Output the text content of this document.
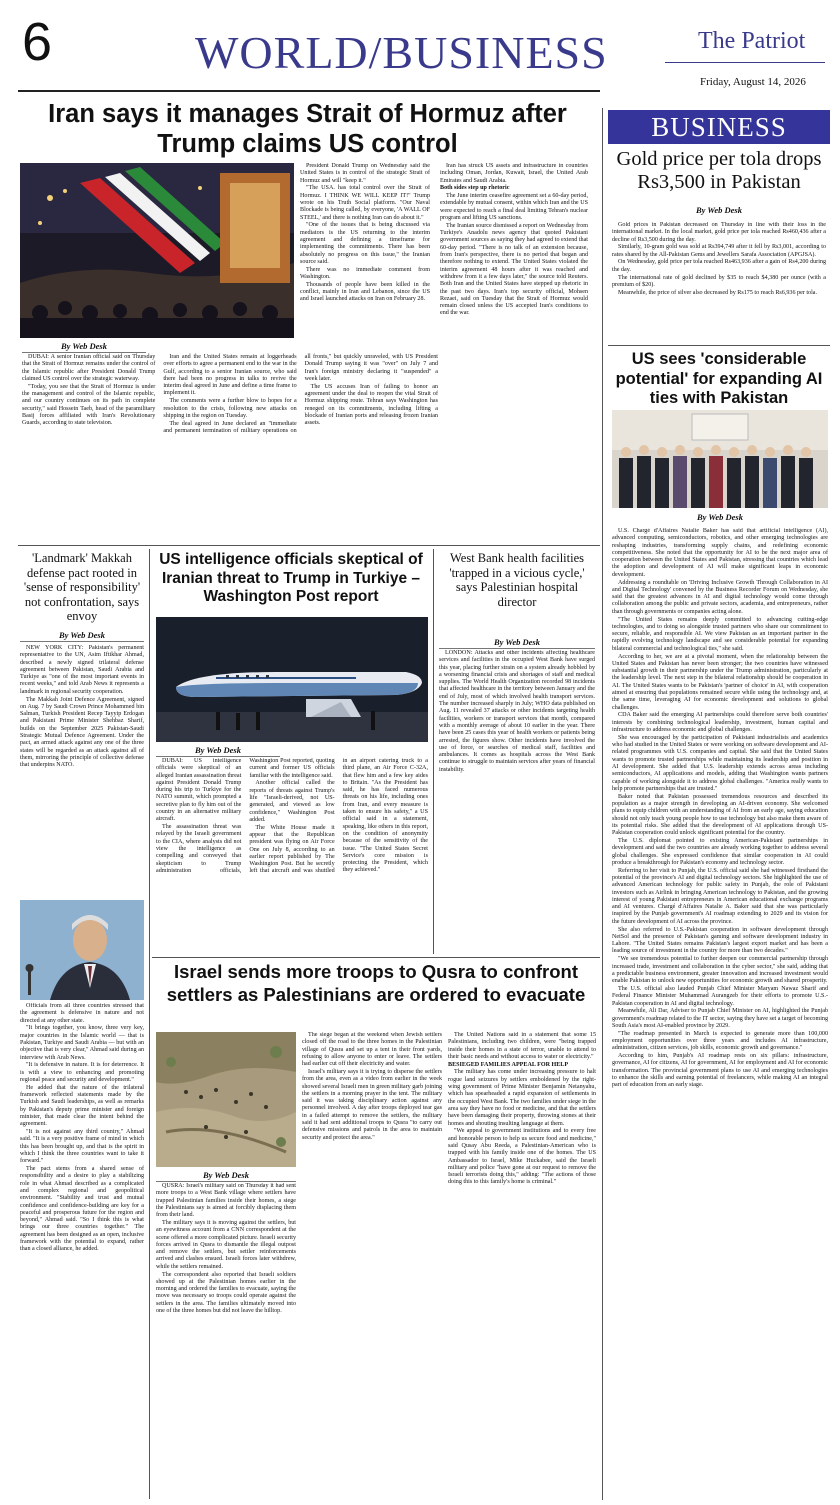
6	WORLD/BUSINESS	The Patriot
Friday, August 14, 2026
Iran says it manages Strait of Hormuz after Trump claims US control
By Web Desk

DUBAI: A senior Iranian official said on Thursday that the Strait of Hormuz remains under the control of the Islamic republic after President Donald Trump claimed US control over the strategic waterway.

"Today, you see that the Strait of Hormuz is under the management and control of the Islamic republic, and our country continues on its path in complete security," said Hossein Taeb, head of the paramilitary Basij forces affiliated with Iran's Revolutionary Guards, according to state television.

Iran and the United States remain at loggerheads over efforts to agree a permanent end to the war in the Gulf, according to a senior Iranian source, who said there had been no progress in talks to revive the interim deal agreed in June and define a time frame to implement it.

The comments were a further blow to hopes for a resolution to the crisis, following new attacks on shipping in the region on Tuesday.

The deal agreed in June declared an "immediate and permanent termination of military operations on all fronts," but quickly unraveled, with US President Donald Trump saying it was "over" on July 7 and Iran's foreign ministry declaring it "suspended" a week later.

The US accuses Iran of failing to honor an agreement under the deal to reopen the vital Strait of Hormuz shipping route. Tehran says Washington has reneged on its commitments, including lifting a blockade of Iranian ports and releasing frozen Iranian assets.

President Donald Trump on Wednesday said the United States is in control of the strategic Strait of Hormuz and will "keep it."

"The USA. has total control over the Strait of Hormuz. I THINK WE WILL KEEP IT!" Trump wrote on his Truth Social platform. "Our Naval Blockade is being called, by everyone, 'A WALL OF STEEL,' and there is nothing Iran can do about it."

"One of the issues that is being discussed via mediators is the US returning to the interim agreement and defining a timeframe for implementing the commitments. There has been absolutely no progress on this issue," the Iranian source said.

There was no immediate comment from Washington.

Thousands of people have been killed in the conflict, mainly in Iran and Lebanon, since the US and Israel launched attacks on Iran on February 28.

Iran has struck US assets and infrastructure in countries including Oman, Jordan, Kuwait, Israel, the United Arab Emirates and Saudi Arabia.

Both sides step up rhetoric

The June interim ceasefire agreement set a 60-day period, extendable by mutual consent, within which Iran and the US were expected to reach a final deal limiting Tehran's nuclear program and lifting US sanctions.

The Iranian source dismissed a report on Wednesday from Turkiye's Anadolu news agency that quoted Pakistani government sources as saying they had agreed to extend that 60-day period. "There is no talk of an extension because, from Iran's perspective, there is no period that began and therefore nothing to extend. The United States violated the interim agreement 48 hours after it was reached and withdrew from it a few days later," the source told Reuters. Both Iran and the United States have stepped up rhetoric in the past two days. Iran's top security official, Mohsen Rezaei, said on Tuesday that the Strait of Hormuz would remain closed unless the US accepted Iran's conditions to end the war.

'Landmark' Makkah defense pact rooted in 'sense of responsibility' not confrontation, says envoy
By Web Desk

NEW YORK CITY: Pakistan's permanent representative to the UN, Asim Iftikhar Ahmad, described a newly signed trilateral defense agreement between Pakistan, Saudi Arabia and Turkiye as "one of the most important events in recent weeks," and told Arab News it represents a landmark in regional security cooperation.

The Makkah Joint Defence Agreement, signed on Aug. 7 by Saudi Crown Prince Mohammed bin Salman, Turkish President Recep Tayyip Erdogan and Pakistani Prime Minister Shehbaz Sharif, builds on the September 2025 Pakistan-Saudi Strategic Mutual Defence Agreement. Under the pact, an armed attack against any one of the three states will be regarded as an attack against all of them, mirroring the principle of collective defense that underpins NATO.

Officials from all three countries stressed that the agreement is defensive in nature and not directed at any other state.

"It brings together, you know, three very key, major countries in the Islamic world — that is Pakistan, Turkiye and Saudi Arabia — but with an objective that is very clear," Ahmad said during an interview with Arab News.

"It is defensive in nature. It is for deterrence. It is with a view to enhancing and promoting regional peace and security and development."

He added that the nature of the trilateral framework reflected statements made by the Turkish and Saudi leaderships, as well as remarks by Pakistan's deputy prime minister and foreign minister, that made clear the intent behind the agreement.

"It is not against any third country," Ahmad said. "It is a very positive frame of mind in which this has been brought up, and that is the spirit in which I think the three countries want to take it forward."

The pact stems from a shared sense of responsibility and a desire to play a stabilizing role in what Ahmad described as a complicated and complex regional and geopolitical environment. "Stability and trust and mutual confidence and confidence-building are key for a peaceful and prosperous future for the region and beyond," Ahmad said. "So I think this is what brings our three countries together." The agreement has been designed as an open, inclusive framework with the potential to expand, rather than a closed alliance, he added.

US intelligence officials skeptical of Iranian threat to Trump in Turkiye – Washington Post report
By Web Desk

DUBAI: US intelligence officials were skeptical of an alleged Iranian assassination threat against President Donald Trump during his trip to Turkiye for the NATO summit, which prompted a secretive plan to fly him out of the country in an alternative military aircraft.

The assassination threat was relayed by the Israeli government to the CIA, where analysts did not view the intelligence as compelling and conveyed that skepticism to Trump administration officials, Washington Post reported, quoting current and former US officials familiar with the intelligence said.

Another official called the reports of threats against Trump's life "Israeli-derived, not US-generated, and viewed as low confidence," Washington Post added.

The White House made it appear that the Republican president was flying on Air Force One on July 8, according to an earlier report published by The Washington Post. But he secretly left that aircraft and was shuttled in an airport catering truck to a third plane, an Air Force C-32A, that flew him and a few key aides to Britain. "As the President has said, he has faced numerous threats on his life, including ones from Iran, and every measure is taken to ensure his safety," a US official said in a statement, speaking, like others in this report, on the condition of anonymity because of the sensitivity of the issue. "The United States Secret Service's core mission is protecting the President, which they achieved."

West Bank health facilities 'trapped in a vicious cycle,' says Palestinian hospital director
By Web Desk

LONDON: Attacks and other incidents affecting healthcare services and facilities in the occupied West Bank have surged this year, placing further strain on a system already hobbled by a worsening financial crisis and shortages of staff and medical supplies. The World Health Organization recorded 98 incidents that affected healthcare in the territory between January and the end of July, most of which involved health transport services. The number increased sharply in July; WHO data published on Aug. 11 revealed 37 attacks or other incidents targeting health facilities, workers or transport services that month, compared with a monthly average of about 10 earlier in the year. There have been 25 cases this year of health workers or patients being arrested, the figures show. Other incidents have involved the use of force, or searches of medical staff, facilities and ambulances. It comes as hospitals across the West Bank continue to struggle to maintain services after years of financial instability.

Israel sends more troops to Qusra to confront settlers as Palestinians are ordered to evacuate
By Web Desk

QUSRA: Israel's military said on Thursday it had sent more troops to a West Bank village where settlers have trapped Palestinian families inside their homes, a siege the Palestinians say is aimed at forcibly displacing them from their land.

The military says it is moving against the settlers, but an eyewitness account from a CNN correspondent at the scene offered a more complicated picture. Israeli security forces arrived in Qusra to dismantle the illegal outpost and remove the settlers, but settler reinforcements arrived and clashes ensued. Israeli forces later withdrew, while the settlers remained.

The correspondent also reported that Israeli soldiers showed up at the Palestinian homes earlier in the morning and ordered the families to evacuate, saying the move was necessary so troops could operate against the settlers in the area. The families ultimately moved into one of the three homes but did not leave the hilltop.

The siege began at the weekend when Jewish settlers closed off the road to the three homes in the Palestinian village of Qusra and set up a tent in their front yards, refusing to allow anyone to enter or leave. The settlers had earlier cut off their electricity and water.

Israel's military says it is trying to disperse the settlers from the area, even as a video from earlier in the week showed several Israeli men in green military garb joining the settlers in a morning prayer in the tent. The military said it was taking disciplinary action against any personnel involved. A day after troops deployed tear gas in a failed attempt to remove the settlers, the military said it had sent additional troops to Qusra "to carry out defensive missions and patrols in the area to maintain security and protect the area."

The United Nations said in a statement that some 15 Palestinians, including two children, were "being trapped inside their homes in a state of terror, unable to attend to their basic needs and without access to water or electricity."

BESIEGED FAMILIES APPEAL FOR HELP

The military has come under increasing pressure to halt rogue land seizures by settlers emboldened by the right-wing government of Prime Minister Benjamin Netanyahu, which has spearheaded a rapid expansion of settlements in the occupied West Bank. The two families under siege in the area say they have no food or medicine, and that the settlers have been damaging their property, throwing stones at their homes and shouting insulting language at them.

"We appeal to government institutions and to every free and honorable person to help us secure food and medicine," said Qusay Abu Reeda, a Palestinian-American who is trapped with his family inside one of the homes. The US Ambassador to Israel, Mike Huckabee, said the Israeli military and police "have gone at our request to remove the Israeli terrorists doing this," adding: "The actions of those doing this to this family's home is criminal."

BUSINESS
Gold price per tola drops Rs3,500 in Pakistan
By Web Desk

Gold prices in Pakistan decreased on Thursday in line with their loss in the international market. In the local market, gold price per tola reached Rs460,436 after a decline of Rs3,500 during the day.

Similarly, 10-gram gold was sold at Rs394,749 after it fell by Rs3,001, according to rates shared by the All-Pakistan Gems and Jewellers Sarafa Association (APGJSA).

On Wednesday, gold price per tola reached Rs463,936 after a gain of Rs4,200 during the day.

The international rate of gold declined by $35 to reach $4,380 per ounce (with a premium of $20).

Meanwhile, the price of silver also decreased by Rs175 to reach Rs6,936 per tola.

US sees 'considerable potential' for expanding AI ties with Pakistan
By Web Desk

U.S. Chargé d'Affaires Natalie Baker has said that artificial intelligence (AI), advanced computing, semiconductors, robotics, and other emerging technologies are reshaping industries, transforming supply chains, and redefining economic competitiveness. She noted that the opportunity for AI to be the next major area of cooperation between the United States and Pakistan, stressing that countries which lead the adoption and development of AI will make significant leaps in economic development.

Addressing a roundtable on 'Driving Inclusive Growth Through Collaboration in AI and Digital Technology' convened by the Business Recorder Forum on Wednesday, she said that the greatest advances in AI and digital technology would come through collaboration among the public and private sectors, academia, and entrepreneurs, rather than through governments or companies acting alone.

"The United States remains deeply committed to advancing cutting-edge technologies, and to doing so alongside trusted partners who share our commitment to secure, reliable, and responsible AI. We view Pakistan as an important partner in the rapidly evolving technology landscape and see considerable potential for expanding bilateral commercial and technological ties," she said.

According to her, we are at a pivotal moment, when the relationship between the United States and Pakistan has never been stronger; the two countries have witnessed substantial growth in their partnership under the Trump administration, particularly at the leadership level. The next step in the bilateral relationship should be cooperation in AI. The United States wants to be Pakistan's 'partner of choice' in AI, with cooperation aimed at ensuring that populations remained secure while using the technology and, at the same time, leveraging AI for economic development and solutions to global challenges.

CDA Baker said the emerging AI partnerships could therefore serve both countries' interests by combining technological leadership, investment, human capital and infrastructure to address economic and global challenges.

She was encouraged by the participation of Pakistani industrialists and academics who had studied in the United States or were working on software development and AI-related programmes with U.S. companies and capital. She said that the United States wants to promote trusted partnerships while maintaining its leadership and position in AI development. She added that U.S. leadership extends across areas including semiconductors, AI applications and models, adding that Washington wants partners capable of working alongside it to address global challenges. "America really wants to help promote partnerships that are trusted."

Baker noted that Pakistan possessed tremendous resources and described its population as a major strength in developing an AI-driven economy. She welcomed plans to equip children with an understanding of AI from an early age, saying education should not only teach young people how to use technology but also make them aware of its potential risks. She added that the development of AI applications through US-Pakistan cooperation could unlock significant potential for the country.

The U.S. diplomat pointed to existing American-Pakistani partnerships in development and said the two countries are already working together to address several global challenges. She expressed confidence that similar cooperation in AI could produce a breakthrough for Pakistan's economy and technology sector.

Referring to her visit to Punjab, the U.S. official said she had witnessed firsthand the potential of the province's AI and digital technology sectors. She highlighted the use of advanced American technology for public safety in Punjab, the role of Pakistani investors such as Airlink in bringing American technology to Pakistan, and the growing interest of young Pakistani entrepreneurs in American educational exchange programs and AI ventures. Chargé d'Affaires Natalie A. Baker said that she was particularly inspired by the Punjab government's AI roadmap extending to 2029 and its vision for the future development of AI across the province.

She also referred to U.S.-Pakistan cooperation in software development through NetSol and the presence of Pakistan's gaming and software development industry in Lahore. "The United States remains Pakistan's largest export market and has been a leading source of investment in the country for more than two decades."

"We see tremendous potential to further deepen our commercial partnership through increased trade, investment and collaboration in the cyber sector," she said, adding that a predictable business environment, greater innovation and increased investment would enable Pakistan to unlock new opportunities for economic growth and shared prosperity.

The U.S. official also lauded Punjab Chief Minister Maryam Nawaz Sharif and Federal Finance Minister Muhammad Aurangzeb for their efforts to promote U.S.-Pakistan cooperation in AI and digital technology.

Meanwhile, Ali Dar, Adviser to Punjab Chief Minister on AI, highlighted the Punjab government's roadmap related to the IT sector, saying they have set a target of becoming South Asia's most AI-enabled province by 2029.

"The roadmap presented in March is expected to generate more than 100,000 employment opportunities over three years and includes AI infrastructure, administration, citizen services, job skills, economic growth and governance."

According to him, Punjab's AI roadmap rests on six pillars: infrastructure, governance, AI for citizens, AI for government, AI for employment and AI for economic transformation. The provincial government plans to use AI and emerging technologies to enhance the skills and earning potential of freelancers, while making AI an integral part of education from an early stage.
